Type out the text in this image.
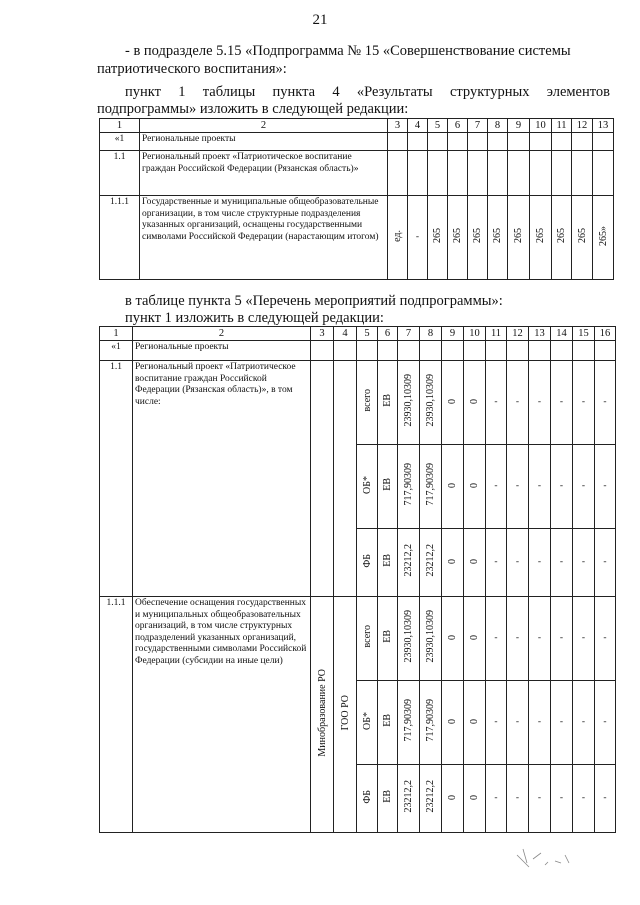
21
- в подразделе 5.15 «Подпрограмма № 15 «Совершенствование системы
патриотического воспитания»:
пункт 1 таблицы пункта 4 «Результаты структурных элементов
подпрограммы» изложить в следующей редакции:
1	2	3	4	5	6	7	8	9	10	11	12	13
«1	Региональные проекты											
1.1	Региональный проект «Патриотическое воспитание граждан Российской Федерации (Рязанская область)»											
1.1.1	Государственные и муниципальные общеобразовательные организации, в том числе структурные подразделения указанных организаций, оснащены государственными символами Российской Федерации (нарастающим итогом)	ед.	-	265	265	265	265	265	265	265	265	265»
в таблице пункта 5 «Перечень мероприятий подпрограммы»:
пункт 1 изложить в следующей редакции:
1	2	3	4	5	6	7	8	9	10	11	12	13	14	15	16
«1	Региональные проекты														
1.1	Региональный проект «Патриотическое воспитание граждан Российской Федерации (Рязанская область)», в том числе:			всего	ЕВ	23930,10309	23930,10309	0	0	-	-	-	-	-	-
				ОБ*	ЕВ	717,90309	717,90309	0	0	-	-	-	-	-	-
				ФБ	ЕВ	23212,2	23212,2	0	0	-	-	-	-	-	-
1.1.1	Обеспечение оснащения государственных и муниципальных общеобразовательных организаций, в том числе структурных подразделений указанных организаций, государственными символами Российской Федерации (субсидии на иные цели)	Минобразование РО	ГОО РО	всего	ЕВ	23930,10309	23930,10309	0	0	-	-	-	-	-	-
				ОБ*	ЕВ	717,90309	717,90309	0	0	-	-	-	-	-	-
				ФБ	ЕВ	23212,2	23212,2	0	0	-	-	-	-	-	-
